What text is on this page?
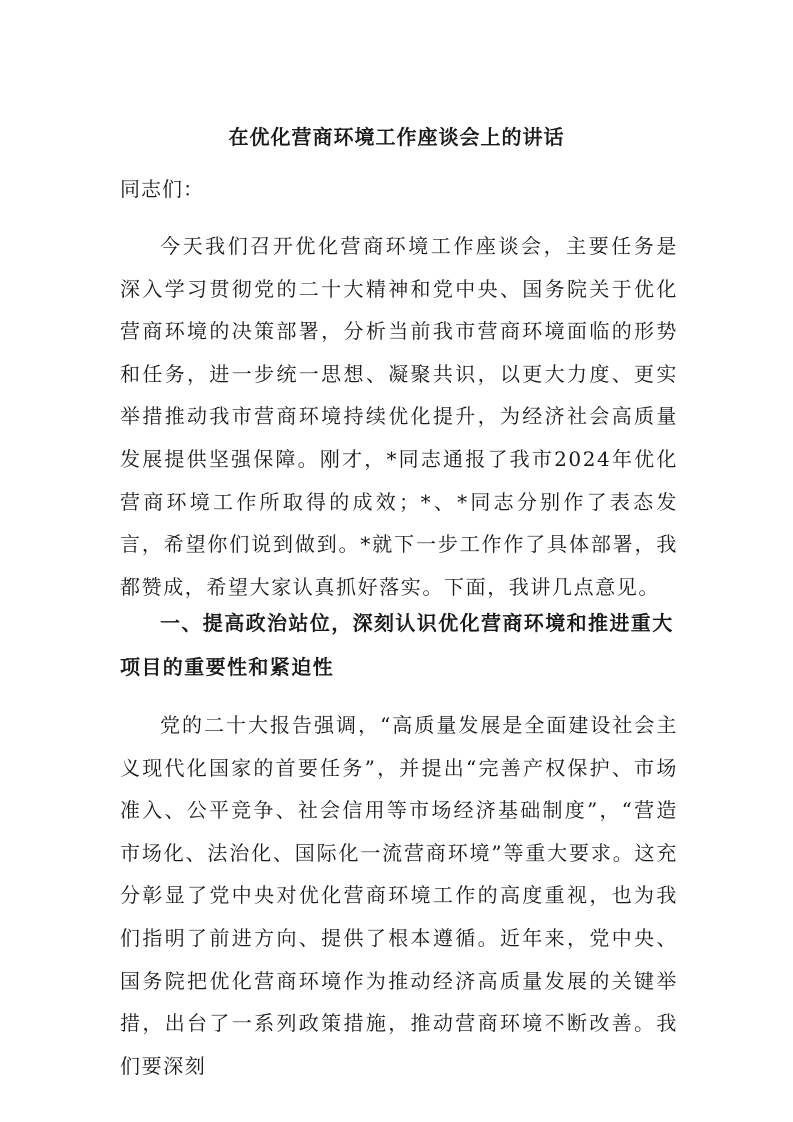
在优化营商环境工作座谈会上的讲话
同志们：

今天我们召开优化营商环境工作座谈会，主要任务是深入学习贯彻党的二十大精神和党中央、国务院关于优化营商环境的决策部署，分析当前我市营商环境面临的形势和任务，进一步统一思想、凝聚共识，以更大力度、更实举措推动我市营商环境持续优化提升，为经济社会高质量发展提供坚强保障。刚才，*同志通报了我市2024年优化营商环境工作所取得的成效；*、*同志分别作了表态发言，希望你们说到做到。*就下一步工作作了具体部署，我都赞成，希望大家认真抓好落实。下面，我讲几点意见。

一、提高政治站位，深刻认识优化营商环境和推进重大项目的重要性和紧迫性

党的二十大报告强调，“高质量发展是全面建设社会主义现代化国家的首要任务”，并提出“完善产权保护、市场准入、公平竞争、社会信用等市场经济基础制度”，“营造市场化、法治化、国际化一流营商环境”等重大要求。这充分彰显了党中央对优化营商环境工作的高度重视，也为我们指明了前进方向、提供了根本遵循。近年来，党中央、国务院把优化营商环境作为推动经济高质量发展的关键举措，出台了一系列政策措施，推动营商环境不断改善。我们要深刻
